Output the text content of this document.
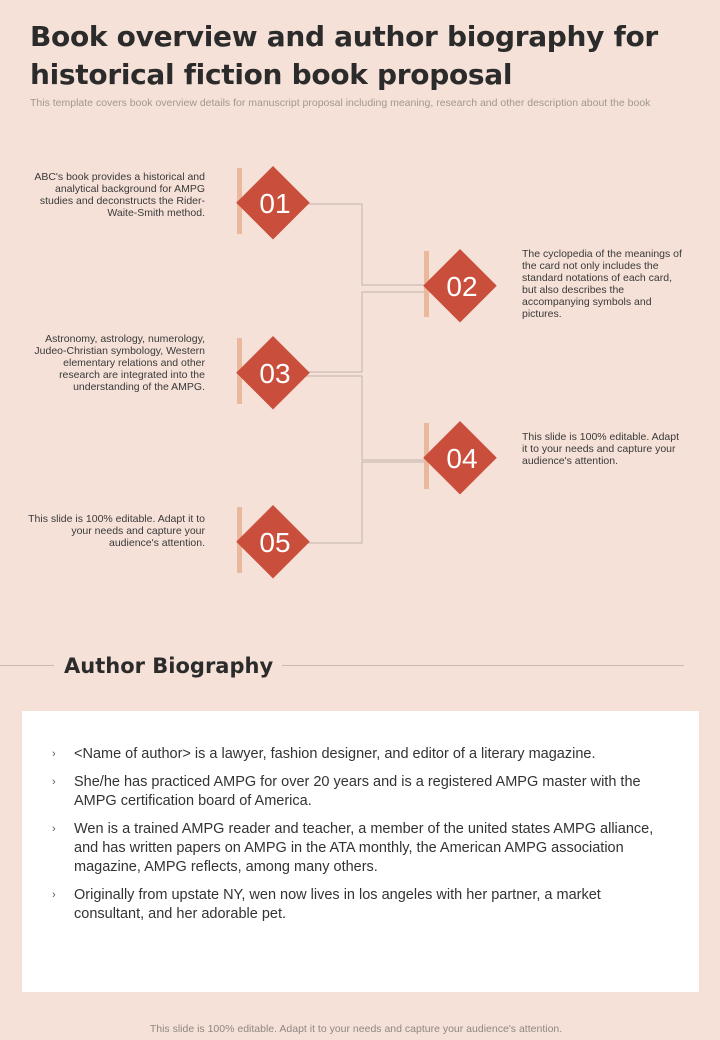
Book overview and author biography for historical fiction book proposal
This template covers book overview details for manuscript proposal including meaning, research and other description about the book
ABC's book provides a historical and analytical background for AMPG studies and deconstructs the Rider-Waite-Smith method.	01
02
The cyclopedia of the meanings of the card not only includes the standard notations of each card, but also describes the accompanying symbols and pictures.
Astronomy, astrology, numerology, Judeo-Christian symbology, Western elementary relations and other research are integrated into the understanding of the AMPG.	03
04
This slide is 100% editable. Adapt it to your needs and capture your audience's attention.
This slide is 100% editable. Adapt it to your needs and capture your audience's attention.	05
Author Biography
› <Name of author> is a lawyer, fashion designer, and editor of a literary magazine.
› She/he has practiced AMPG for over 20 years and is a registered AMPG master with the AMPG certification board of America.
› Wen is a trained AMPG reader and teacher, a member of the united states AMPG alliance, and has written papers on AMPG in the ATA monthly, the American AMPG association magazine, AMPG reflects, among many others.
› Originally from upstate NY, wen now lives in los angeles with her partner, a market consultant, and her adorable pet.
This slide is 100% editable. Adapt it to your needs and capture your audience's attention.
